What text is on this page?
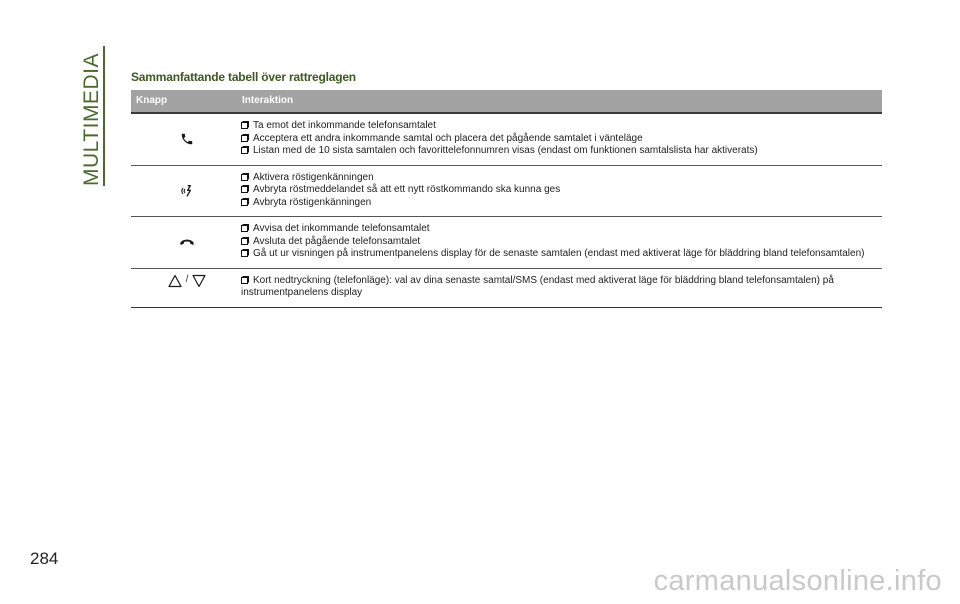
MULTIMEDIA Sammanfattande tabell över rattreglagen
Knapp	Interaktion
Ta emot det inkommande telefonsamtalet
Acceptera ett andra inkommande samtal och placera det pågående samtalet i vänteläge
Listan med de 10 sista samtalen och favorittelefonnumren visas (endast om funktionen samtalslista har aktiverats)
Aktivera röstigenkänningen
Avbryta röstmeddelandet så att ett nytt röstkommando ska kunna ges
Avbryta röstigenkänningen
Avvisa det inkommande telefonsamtalet
Avsluta det pågående telefonsamtalet
Gå ut ur visningen på instrumentpanelens display för de senaste samtalen (endast med aktiverat läge för bläddring bland telefonsamtalen)
/	Kort nedtryckning (telefonläge): val av dina senaste samtal/SMS (endast med aktiverat läge för bläddring bland telefonsamtalen) på instrumentpanelens display
284
carmanualsonline.info
